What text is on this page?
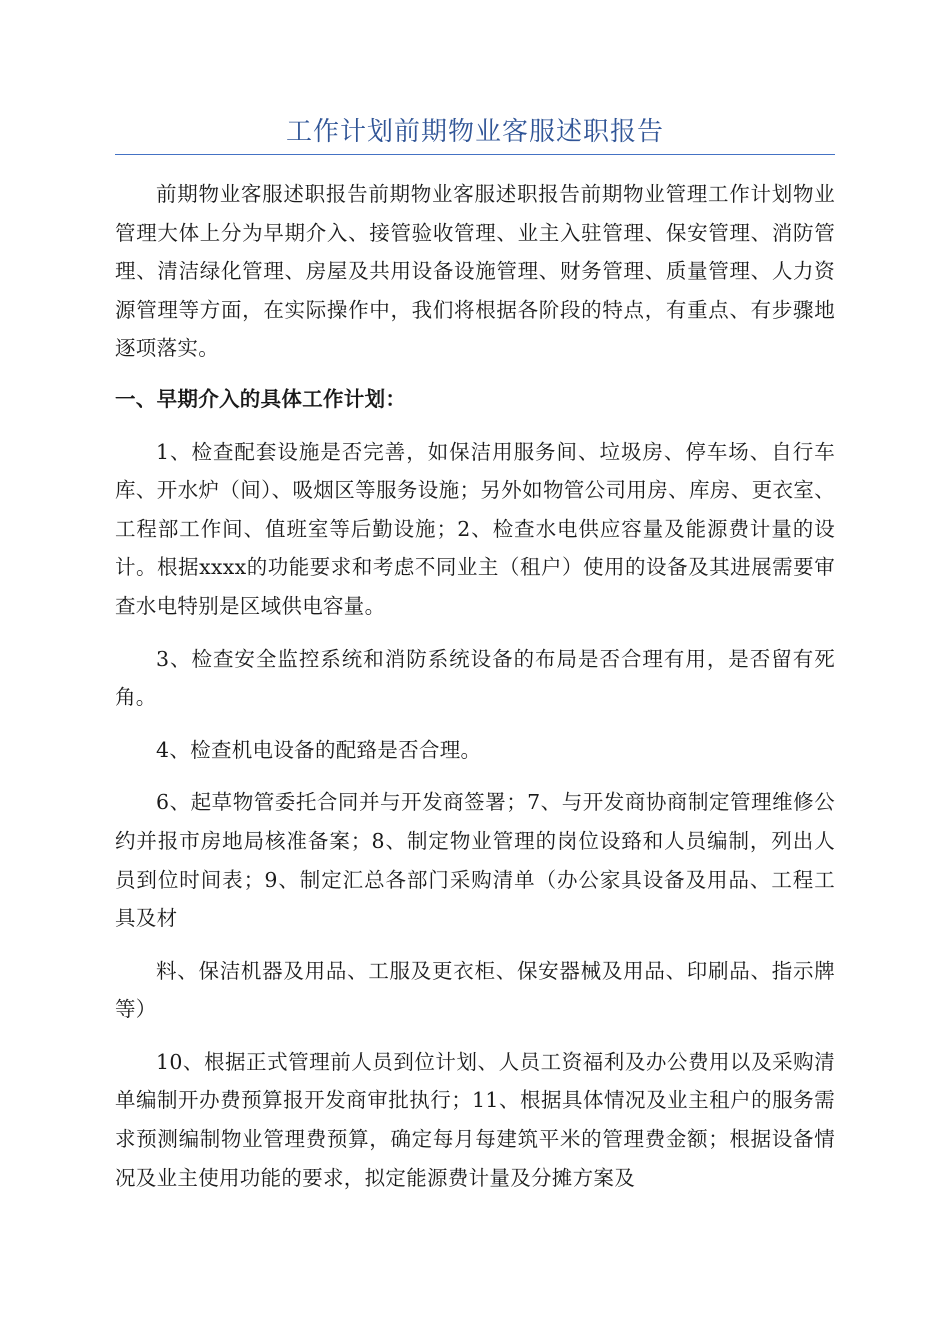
工作计划前期物业客服述职报告

前期物业客服述职报告前期物业客服述职报告前期物业管理工作计划物业管理大体上分为早期介入、接管验收管理、业主入驻管理、保安管理、消防管理、清洁绿化管理、房屋及共用设备设施管理、财务管理、质量管理、人力资源管理等方面，在实际操作中，我们将根据各阶段的特点，有重点、有步骤地逐项落实。

一、早期介入的具体工作计划：

1、检查配套设施是否完善，如保洁用服务间、垃圾房、停车场、自行车库、开水炉（间）、吸烟区等服务设施；另外如物管公司用房、库房、更衣室、工程部工作间、值班室等后勤设施；2、检查水电供应容量及能源费计量的设计。根据xxxx的功能要求和考虑不同业主（租户）使用的设备及其进展需要审查水电特别是区域供电容量。

3、检查安全监控系统和消防系统设备的布局是否合理有用，是否留有死角。

4、检查机电设备的配臵是否合理。

6、起草物管委托合同并与开发商签署；7、与开发商协商制定管理维修公约并报市房地局核准备案；8、制定物业管理的岗位设臵和人员编制，列出人员到位时间表；9、制定汇总各部门采购清单（办公家具设备及用品、工程工具及材

料、保洁机器及用品、工服及更衣柜、保安器械及用品、印刷品、指示牌等）

10、根据正式管理前人员到位计划、人员工资福利及办公费用以及采购清单编制开办费预算报开发商审批执行；11、根据具体情况及业主租户的服务需求预测编制物业管理费预算，确定每月每建筑平米的管理费金额；根据设备情况及业主使用功能的要求，拟定能源费计量及分摊方案及
